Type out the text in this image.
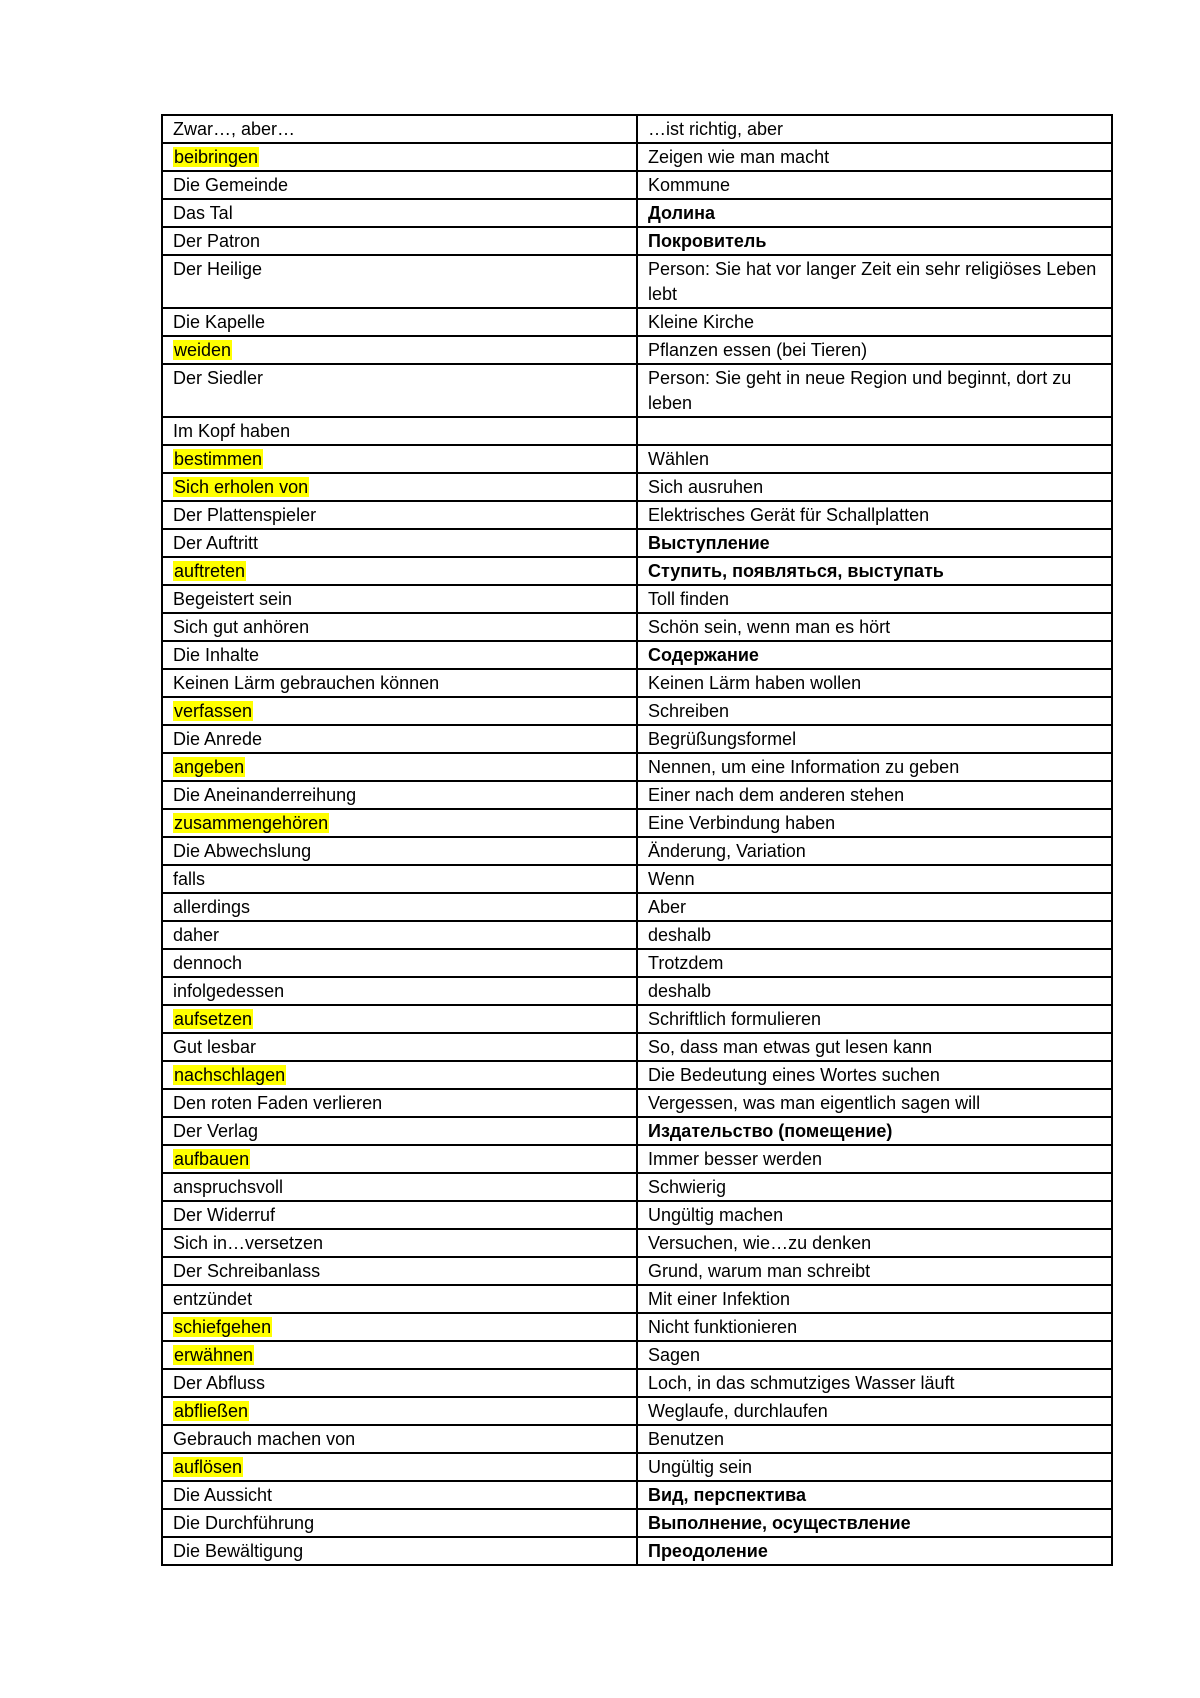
Zwar…, aber…	…ist richtig, aber
beibringen	Zeigen wie man macht
Die Gemeinde	Kommune
Das Tal	Долина
Der Patron	Покровитель
Der Heilige	Person: Sie hat vor langer Zeit ein sehr religiöses Leben lebt
Die Kapelle	Kleine Kirche
weiden	Pflanzen essen (bei Tieren)
Der Siedler	Person: Sie geht in neue Region und beginnt, dort zu leben
Im Kopf haben	
bestimmen	Wählen
Sich erholen von	Sich ausruhen
Der Plattenspieler	Elektrisches Gerät für Schallplatten
Der Auftritt	Выступление
auftreten	Ступить, появляться, выступать
Begeistert sein	Toll finden
Sich gut anhören	Schön sein, wenn man es hört
Die Inhalte	Содержание
Keinen Lärm gebrauchen können	Keinen Lärm haben wollen
verfassen	Schreiben
Die Anrede	Begrüßungsformel
angeben	Nennen, um eine Information zu geben
Die Aneinanderreihung	Einer nach dem anderen stehen
zusammengehören	Eine Verbindung haben
Die Abwechslung	Änderung, Variation
falls	Wenn
allerdings	Aber
daher	deshalb
dennoch	Trotzdem
infolgedessen	deshalb
aufsetzen	Schriftlich formulieren
Gut lesbar	So, dass man etwas gut lesen kann
nachschlagen	Die Bedeutung eines Wortes suchen
Den roten Faden verlieren	Vergessen, was man eigentlich sagen will
Der Verlag	Издательство (помещение)
aufbauen	Immer besser werden
anspruchsvoll	Schwierig
Der Widerruf	Ungültig machen
Sich in…versetzen	Versuchen, wie…zu denken
Der Schreibanlass	Grund, warum man schreibt
entzündet	Mit einer Infektion
schiefgehen	Nicht funktionieren
erwähnen	Sagen
Der Abfluss	Loch, in das schmutziges Wasser läuft
abfließen	Weglaufe, durchlaufen
Gebrauch machen von	Benutzen
auflösen	Ungültig sein
Die Aussicht	Вид, перспектива
Die Durchführung	Выполнение, осуществление
Die Bewältigung	Преодоление
